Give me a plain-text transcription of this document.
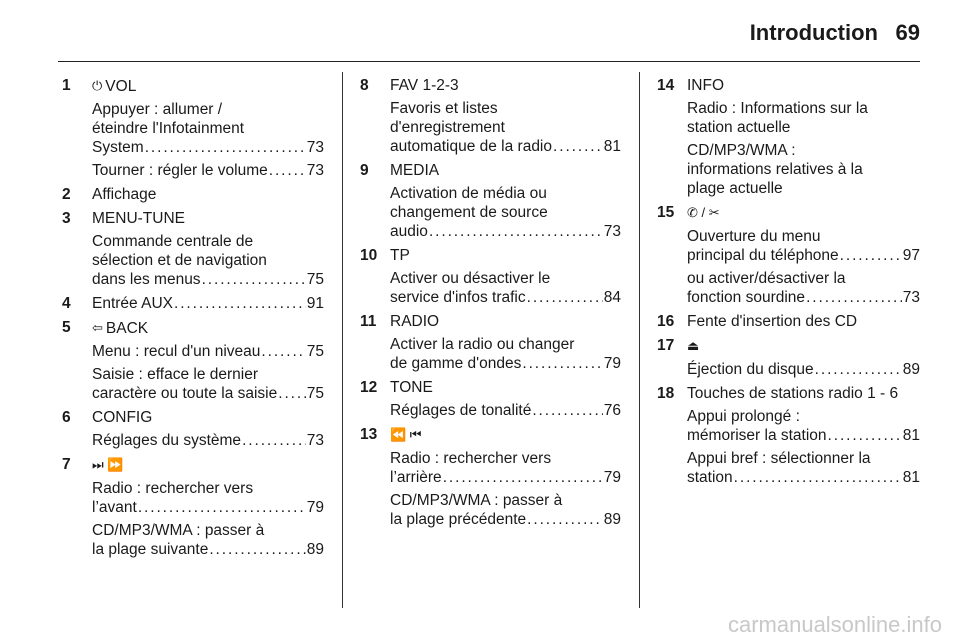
Introduction 69
1 ⏻ VOL
Appuyer : allumer /
éteindre l'Infotainment
System . . .	73
Tourner : régler le volume . . .	73
2 Affichage
3 MENU-TUNE
Commande centrale de
sélection et de navigation
dans les menus . . .	75
4 Entrée AUX . . .	91
5 ⇦ BACK
Menu : recul d'un niveau . . .	75
Saisie : efface le dernier
caractère ou toute la saisie . . . 75
6 CONFIG
Réglages du système . . .	73
7 ⏭ ⏩
Radio : rechercher vers
l’avant . . .	79
CD/MP3/WMA : passer à
la plage suivante . . .	89
8 FAV 1-2-3
Favoris et listes
d'enregistrement
automatique de la radio . . .	81
9 MEDIA
Activation de média ou
changement de source
audio . . .	73
10 TP
Activer ou désactiver le
service d'infos trafic . . .	84
11 RADIO
Activer la radio ou changer
de gamme d'ondes . . .	79
12 TONE
Réglages de tonalité . . .	76
13 ⏪ ⏮
Radio : rechercher vers
l’arrière . . .	79
CD/MP3/WMA : passer à
la plage précédente . . .	89
14 INFO
Radio : Informations sur la
station actuelle
CD/MP3/WMA :
informations relatives à la
plage actuelle
15 ✆ / ✂
Ouverture du menu
principal du téléphone . . .	97
ou activer/désactiver la
fonction sourdine . . .	73
16 Fente d'insertion des CD
17 ⏏
Éjection du disque . . .	89
18 Touches de stations radio 1 - 6
Appui prolongé :
mémoriser la station . . .	81
Appui bref : sélectionner la
station . . .	81
carmanualsonline.info
